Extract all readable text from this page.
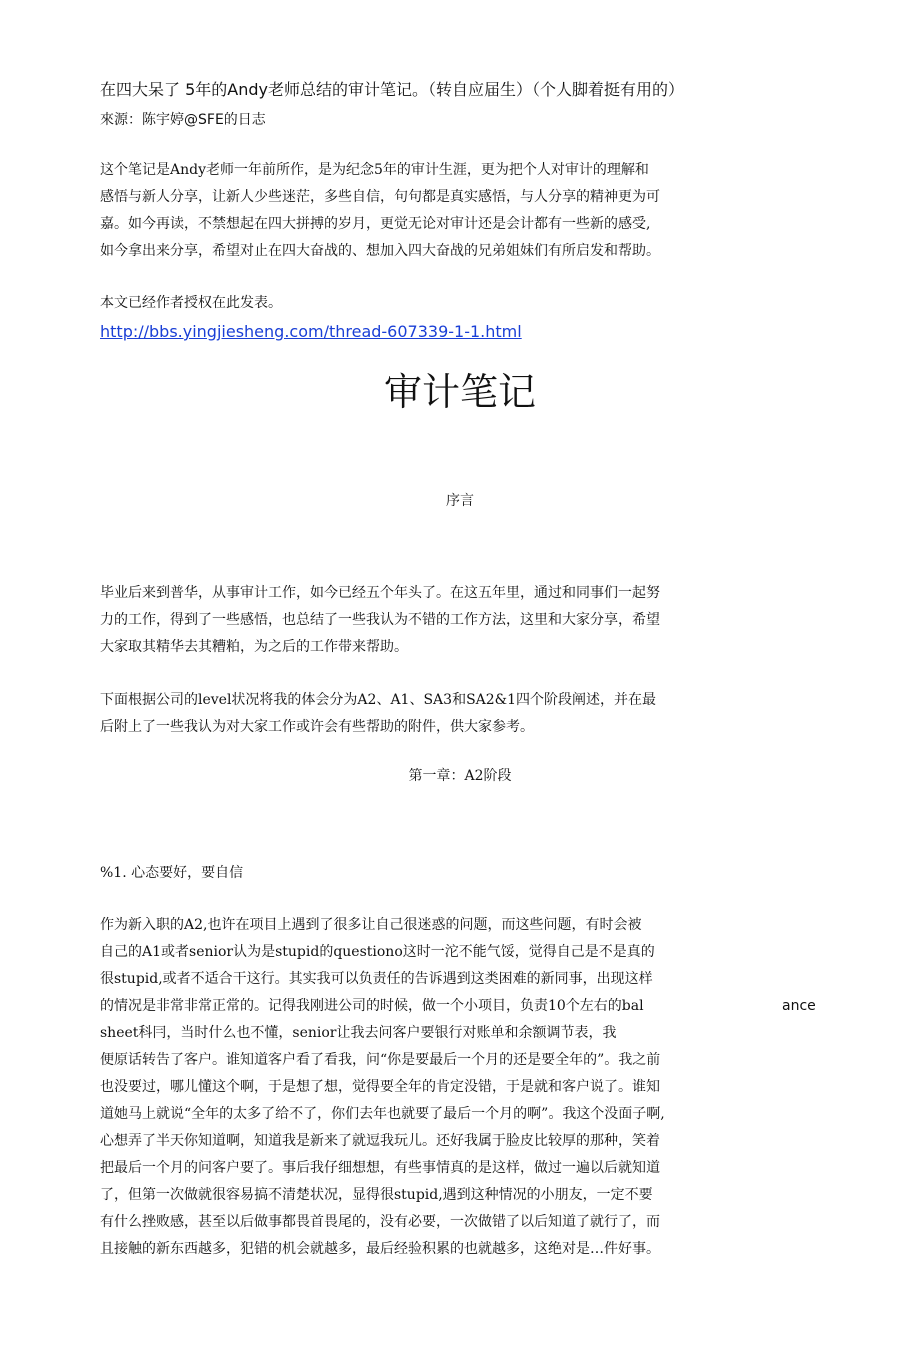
在四大呆了 5年的Andy老师总结的审计笔记。（转自应届生）（个人脚着挺有用的）
來源：陈宇婷@SFE的日志
这个笔记是Andy老师一年前所作，是为纪念5年的审计生涯，更为把个人对审计的理解和
感悟与新人分享，让新人少些迷茫，多些自信，句句都是真实感悟，与人分享的精神更为可
嘉。如今再读，不禁想起在四大拼搏的岁月，更觉无论对审计还是会计都有一些新的感受,
如今拿出来分享，希望对止在四大奋战的、想加入四大奋战的兄弟姐妹们有所启发和帮助。
本文已经作者授权在此发表。
http://bbs.yingjiesheng.com/thread-607339-1-1.html
审计笔记
序言
毕业后来到普华，从事审计工作，如今已经五个年头了。在这五年里，通过和同事们一起努
力的工作，得到了一些感悟，也总结了一些我认为不错的工作方法，这里和大家分享，希望
大家取其精华去其糟粕，为之后的工作带来帮助。
下面根据公司的level状况将我的体会分为A2、A1、SA3和SA2&1四个阶段阐述，并在最
后附上了一些我认为对大家工作或许会有些帮助的附件，供大家参考。
第一章：A2阶段
%1. 心态要好，要自信
作为新入职的A2,也许在项目上遇到了很多让自己很迷惑的问题，而这些问题，有时会被
自己的A1或者senior认为是stupid的questiono这时一沱不能气馁，觉得自己是不是真的
很stupid,或者不适合干这行。其实我可以负责任的告诉遇到这类困难的新同事，出现这样
的情况是非常非常正常的。记得我刚进公司的时候，做一个小项目，负责10个左右的bal	ance
sheet科冃，当时什么也不懂，senior让我去问客户要银行对账单和余额调节表，我
便原话转告了客户。谁知道客户看了看我，问“你是要最后一个月的还是要全年的”。我之前
也没要过，哪儿懂这个啊，于是想了想，觉得要全年的肯定没错，于是就和客户说了。谁知
道她马上就说“全年的太多了给不了，你们去年也就要了最后一个月的啊”。我这个没面子啊,
心想弄了半天你知道啊，知道我是新来了就逗我玩儿。还好我属于脸皮比较厚的那种，笑着
把最后一个月的问客户要了。事后我仔细想想，有些事情真的是这样，做过一遍以后就知道
了，但第一次做就很容易搞不清楚状况，显得很stupid,遇到这种情况的小朋友，一定不要
有什么挫败感，甚至以后做事都畏首畏尾的，没有必要，一次做错了以后知道了就行了，而
且接触的新东西越多，犯错的机会就越多，最后经验积累的也就越多，这绝对是…件好事。
